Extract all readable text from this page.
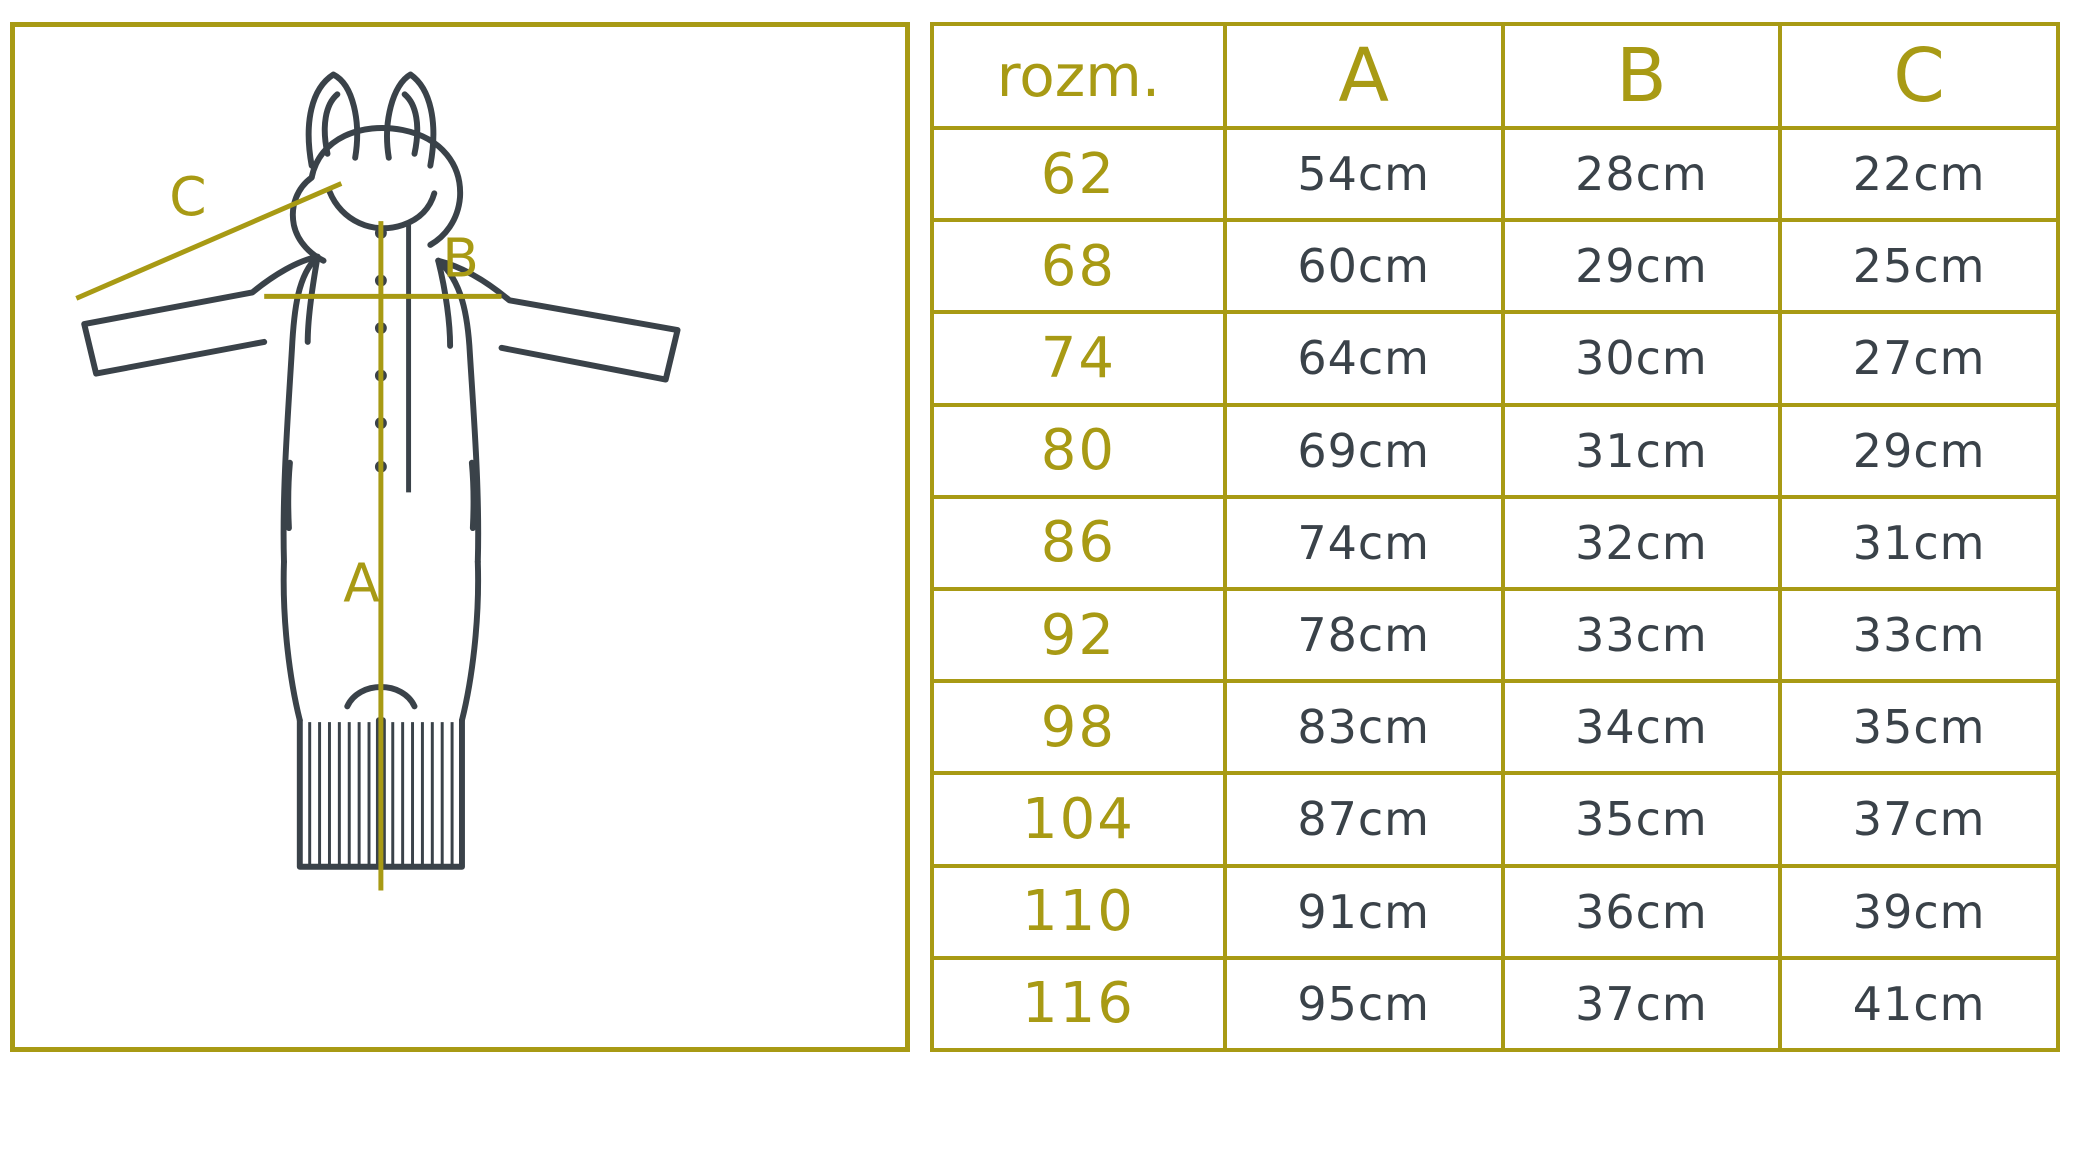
A
B
C
rozm.	A	B	C
62	54cm	28cm	22cm
68	60cm	29cm	25cm
74	64cm	30cm	27cm
80	69cm	31cm	29cm
86	74cm	32cm	31cm
92	78cm	33cm	33cm
98	83cm	34cm	35cm
104	87cm	35cm	37cm
110	91cm	36cm	39cm
116	95cm	37cm	41cm
